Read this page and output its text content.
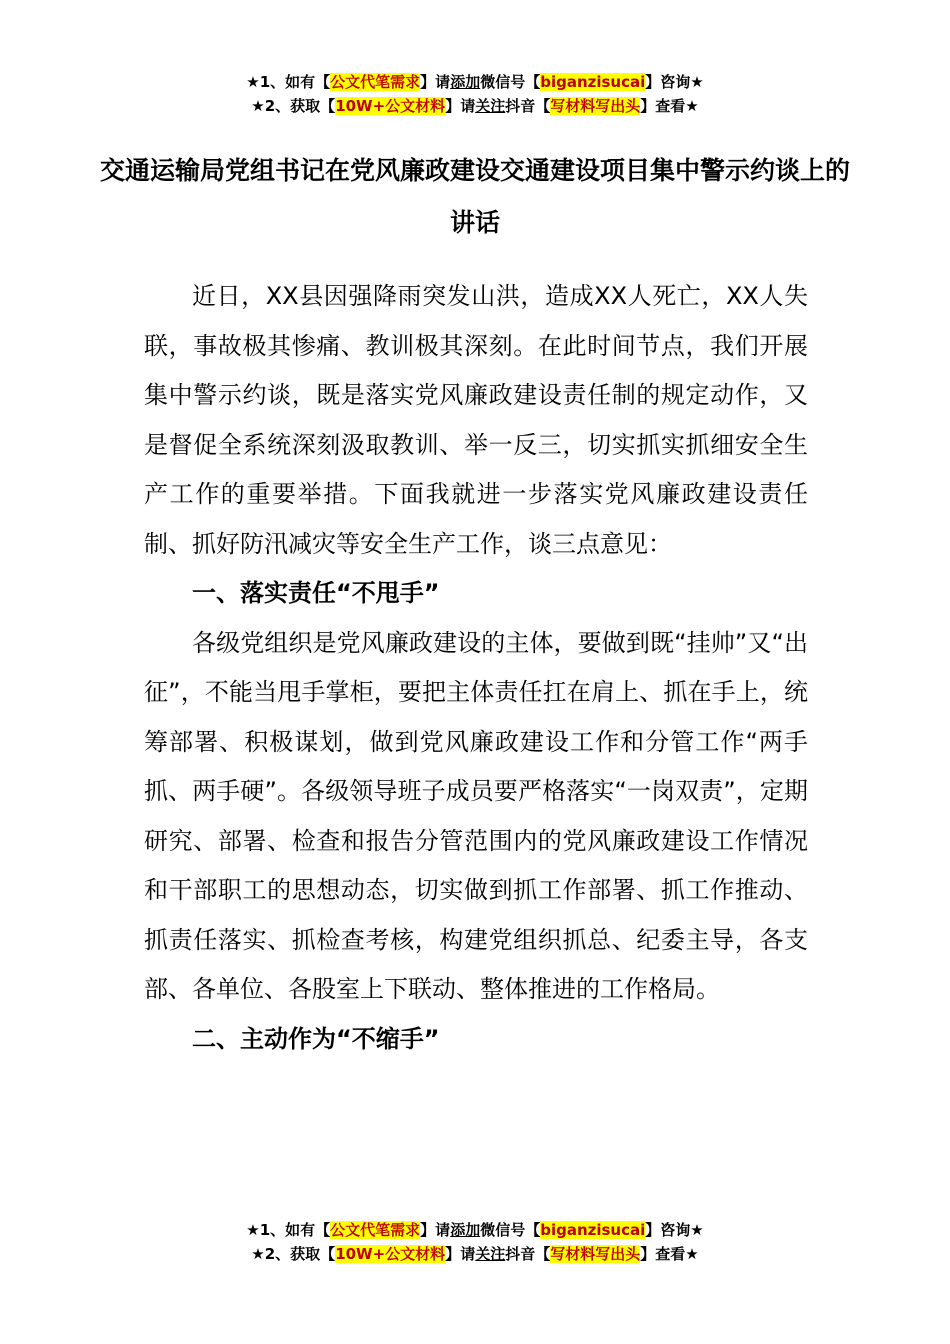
★1、如有【公文代笔需求】请添加微信号【biganzisucai】咨询★
★2、获取【10W+公文材料】请关注抖音【写材料写出头】查看★
交通运输局党组书记在党风廉政建设交通建设项目集中警示约谈上的讲话

近日，XX县因强降雨突发山洪，造成XX人死亡，XX人失联，事故极其惨痛、教训极其深刻。在此时间节点，我们开展集中警示约谈，既是落实党风廉政建设责任制的规定动作，又是督促全系统深刻汲取教训、举一反三，切实抓实抓细安全生产工作的重要举措。下面我就进一步落实党风廉政建设责任制、抓好防汛减灾等安全生产工作，谈三点意见：

一、落实责任“不甩手”

各级党组织是党风廉政建设的主体，要做到既“挂帅”又“出征”，不能当甩手掌柜，要把主体责任扛在肩上、抓在手上，统筹部署、积极谋划，做到党风廉政建设工作和分管工作“两手抓、两手硬”。各级领导班子成员要严格落实“一岗双责”，定期研究、部署、检查和报告分管范围内的党风廉政建设工作情况和干部职工的思想动态，切实做到抓工作部署、抓工作推动、抓责任落实、抓检查考核，构建党组织抓总、纪委主导，各支部、各单位、各股室上下联动、整体推进的工作格局。

二、主动作为“不缩手”
★1、如有【公文代笔需求】请添加微信号【biganzisucai】咨询★
★2、获取【10W+公文材料】请关注抖音【写材料写出头】查看★
